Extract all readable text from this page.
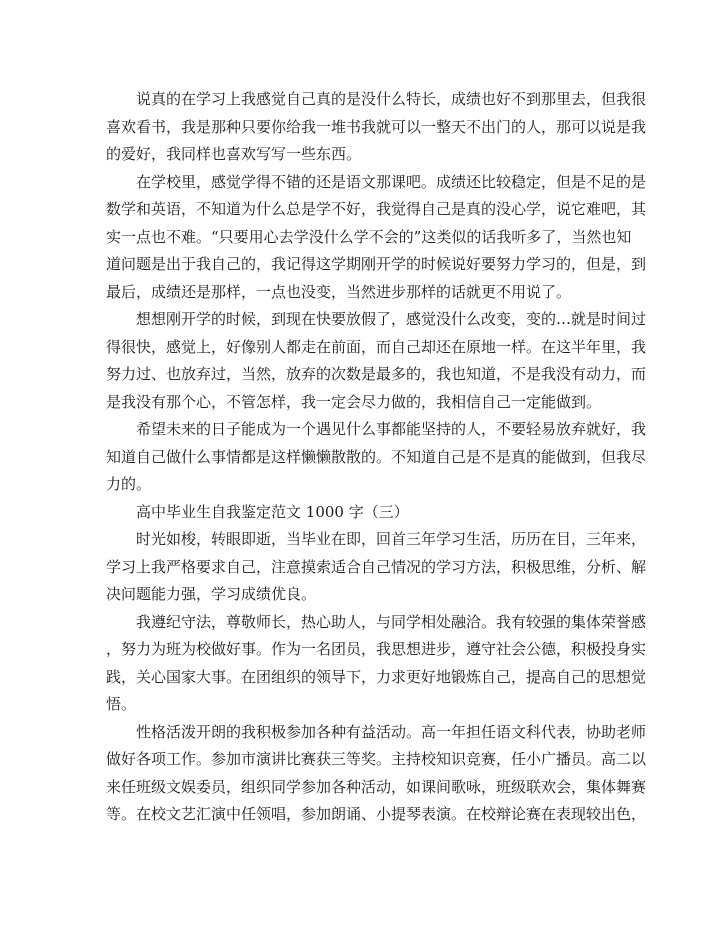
说真的在学习上我感觉自己真的是没什么特长，成绩也好不到那里去，但我很
喜欢看书，我是那种只要你给我一堆书我就可以一整天不出门的人，那可以说是我
的爱好，我同样也喜欢写写一些东西。
在学校里，感觉学得不错的还是语文那课吧。成绩还比较稳定，但是不足的是
数学和英语，不知道为什么总是学不好，我觉得自己是真的没心学，说它难吧，其
实一点也不难。“只要用心去学没什么学不会的”这类似的话我听多了，当然也知
道问题是出于我自己的，我记得这学期刚开学的时候说好要努力学习的，但是，到
最后，成绩还是那样，一点也没变，当然进步那样的话就更不用说了。
想想刚开学的时候，到现在快要放假了，感觉没什么改变，变的…就是时间过
得很快，感觉上，好像别人都走在前面，而自己却还在原地一样。在这半年里，我
努力过、也放弃过，当然，放弃的次数是最多的，我也知道，不是我没有动力，而
是我没有那个心，不管怎样，我一定会尽力做的，我相信自己一定能做到。
希望未来的日子能成为一个遇见什么事都能坚持的人，不要轻易放弃就好，我
知道自己做什么事情都是这样懒懒散散的。不知道自己是不是真的能做到，但我尽
力的。
高中毕业生自我鉴定范文 1000 字（三）
时光如梭，转眼即逝，当毕业在即，回首三年学习生活，历历在目，三年来，
学习上我严格要求自己，注意摸索适合自己情况的学习方法，积极思维，分析、解
决问题能力强，学习成绩优良。
我遵纪守法，尊敬师长，热心助人，与同学相处融洽。我有较强的集体荣誉感
，努力为班为校做好事。作为一名团员，我思想进步，遵守社会公德，积极投身实
践，关心国家大事。在团组织的领导下，力求更好地锻炼自己，提高自己的思想觉
悟。
性格活泼开朗的我积极参加各种有益活动。高一年担任语文科代表，协助老师
做好各项工作。参加市演讲比赛获三等奖。主持校知识竞赛，任小广播员。高二以
来任班级文娱委员，组织同学参加各种活动，如课间歌咏，班级联欢会，集体舞赛
等。在校文艺汇演中任领唱，参加朗诵、小提琴表演。在校辩论赛在表现较出色，
